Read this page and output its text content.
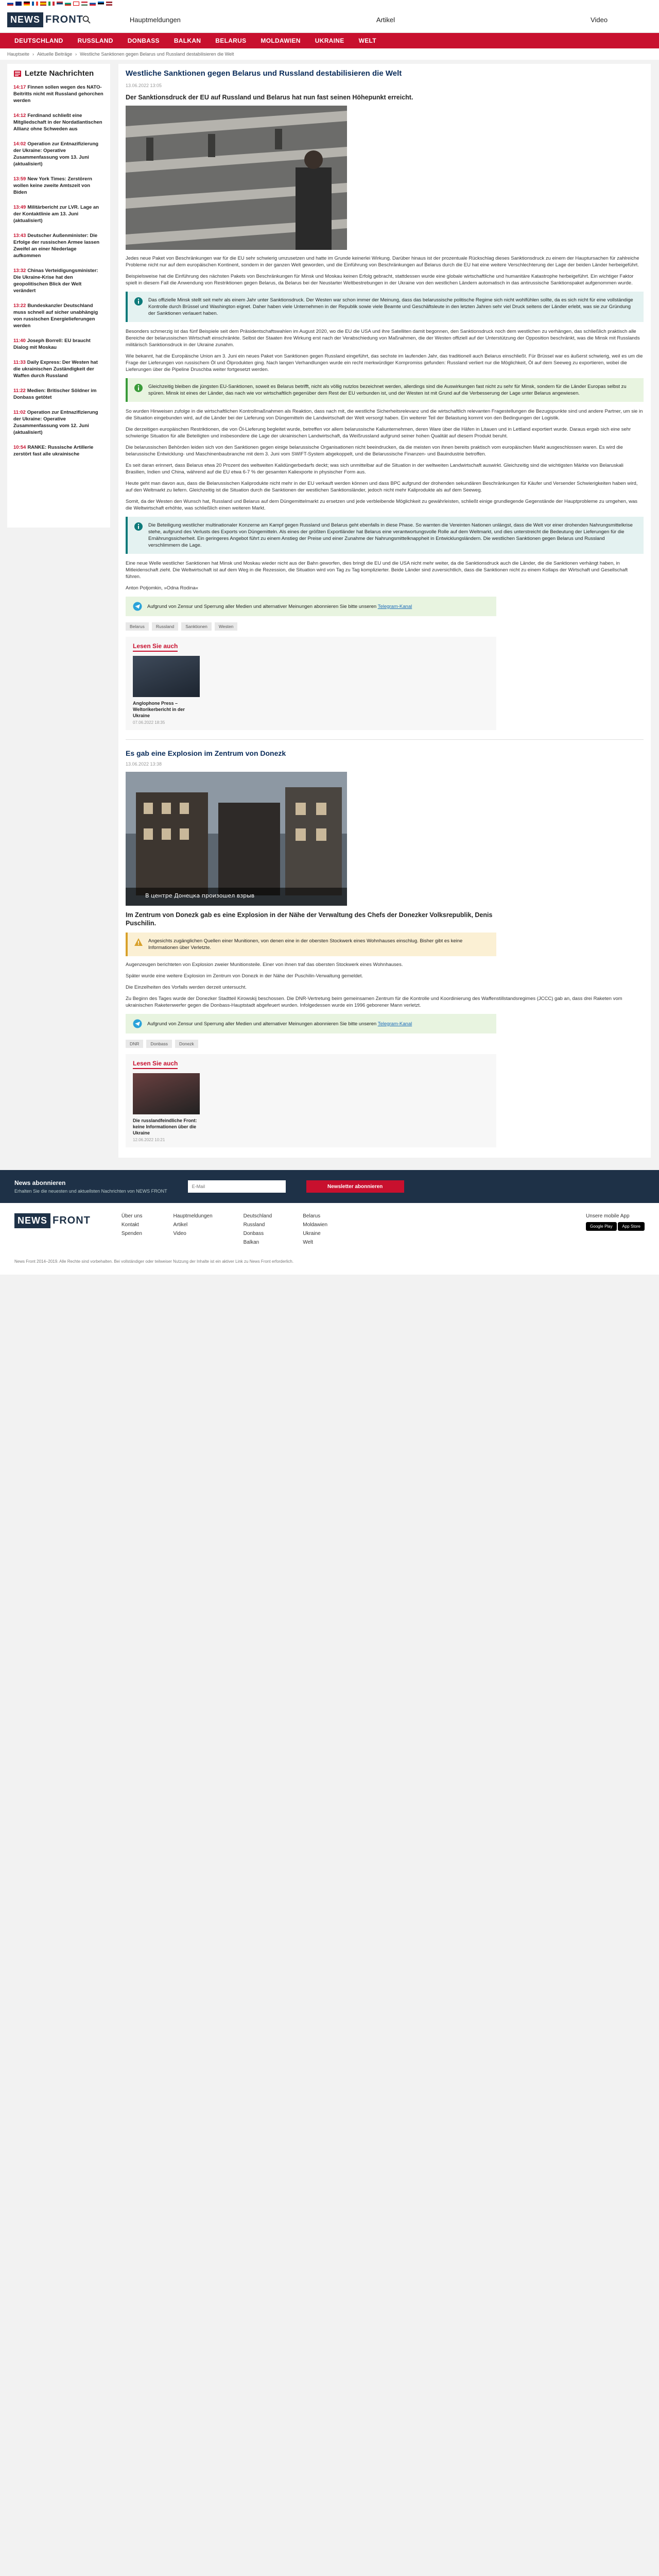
NEWS FRONT	Hauptmeldungen	Artikel	Video
DEUTSCHLAND	RUSSLAND	DONBASS	BALKAN	BELARUS	MOLDAWIEN	UKRAINE	WELT
Hauptseite › Aktuelle Beiträge › Westliche Sanktionen gegen Belarus und Russland destabilisieren die Welt
Letzte Nachrichten
14:17 Finnen sollen wegen des NATO-Beitritts nicht mit Russland gehorchen werden
14:12 Ferdinand schließt eine Mitgliedschaft in der Nordatlantischen Allianz ohne Schweden aus
14:02 Operation zur Entnazifizierung der Ukraine: Operative Zusammenfassung vom 13. Juni (aktualisiert)
13:59 New York Times: Zerstörern wollen keine zweite Amtszeit von Biden
13:49 Militärbericht zur LVR. Lage an der Kontaktlinie am 13. Juni (aktualisiert)
13:43 Deutscher Außenminister: Die Erfolge der russischen Armee lassen Zweifel an einer Niederlage aufkommen
13:32 Chinas Verteidigungsminister: Die Ukraine-Krise hat den geopolitischen Blick der Welt verändert
13:22 Bundeskanzler Deutschland muss schnell auf sicher unabhängig von russischen Energielieferungen werden
11:40 Joseph Borrell: EU braucht Dialog mit Moskau
11:33 Daily Express: Der Westen hat die ukrainischen Zuständigkeit der Waffen durch Russland
11:22 Medien: Britischer Söldner im Donbass getötet
11:02 Operation zur Entnazifizierung der Ukraine: Operative Zusammenfassung vom 12. Juni (aktualisiert)
10:54 RANKE: Russische Artillerie zerstört fast alle ukrainische
Westliche Sanktionen gegen Belarus und Russland destabilisieren die Welt
13.06.2022 13:05
Der Sanktionsdruck der EU auf Russland und Belarus hat nun fast seinen Höhepunkt erreicht.

Jedes neue Paket von Beschränkungen war für die EU sehr schwierig umzusetzen und hatte im Grunde keinerlei Wirkung. Darüber hinaus ist der prozentuale Rückschlag dieses Sanktionsdruck zu einem der Hauptursachen für zahlreiche Probleme nicht nur auf dem europäischen Kontinent, sondern in der ganzen Welt geworden, und die Einführung von Beschränkungen auf Belarus durch die EU hat eine weitere Verschlechterung der Lage der beiden Länder herbeigeführt.

Beispielsweise hat die Einführung des nächsten Pakets von Beschränkungen für Minsk und Moskau keinen Erfolg gebracht, stattdessen wurde eine globale wirtschaftliche und humanitäre Katastrophe herbeigeführt. Ein wichtiger Faktor spielt in diesem Fall die Anwendung von Restriktionen gegen Belarus, da Belarus bei der Neustarter Weltbestrebungen in der Ukraine von den westlichen Ländern automatisch in das antirussische Sanktionspaket aufgenommen wurde.

Das offizielle Minsk stellt seit mehr als einem Jahr unter Sanktionsdruck. Der Westen war schon immer der Meinung, dass das belarussische politische Regime sich nicht wohlfühlen sollte, da es sich nicht für eine vollständige Kontrolle durch Brüssel und Washington eignet. Daher haben viele Unternehmen in der Republik sowie viele Beamte und Geschäftsleute in den letzten Jahren sehr viel Druck seitens der Länder erlebt, was sie zur Gründung der Sanktionen verlauert haben.

Besonders schmerzig ist das fünf Beispiele seit dem Präsidentschaftswahlen im August 2020, wo die EU die USA und ihre Satelliten damit begonnen, den Sanktionsdruck noch dem westlichen zu verhängen, das schließlich praktisch alle Bereiche der belarussischen Wirtschaft einschränkte. Selbst der Staaten ihre Wirkung erst nach der Verabschiedung von Maßnahmen, die der Westen offiziell auf der Unterstützung der Opposition beschränkt, was die Minsk mit Russlands militärisch Sanktionsdruck in der Ukraine zunahm.

Wie bekannt, hat die Europäische Union am 3. Juni ein neues Paket von Sanktionen gegen Russland eingeführt, das sechste im laufenden Jahr, das traditionell auch Belarus einschließt. Für Brüssel war es äußerst schwierig, weil es um die Frage der Lieferungen von russischem Öl und Ölprodukten ging. Nach langen Verhandlungen wurde ein recht merkwürdiger Kompromiss gefunden: Russland verliert nur die Möglichkeit, Öl auf dem Seeweg zu exportieren, wobei die Lieferungen über die Pipeline Druschba weiter fortgesetzt werden.

Gleichzeitig bleiben die jüngsten EU-Sanktionen, soweit es Belarus betrifft, nicht als völlig nutzlos bezeichnet werden, allerdings sind die Auswirkungen fast nicht zu sehr für Minsk, sondern für die Länder Europas selbst zu spüren. Minsk ist eines der Länder, das nach wie vor wirtschaftlich gegenüber dem Rest der EU verbunden ist, und der Westen ist mit Grund auf die Verbesserung der Lage unter Belarus angewiesen.

So wurden Hinweisen zufolge in die wirtschaftlichen Kontrollmaßnahmen als Reaktion, dass nach mit, die westliche Sicherheitsrelevanz und die wirtschaftlich relevanten Fragestellungen die Bezugspunkte sind und andere Partner, um sie in die Situation eingebunden wird, auf die Länder bei der Lieferung von Düngemitteln die Landwirtschaft der Welt versorgt haben. Ein weiterer Teil der Belastung kommt von den Bedingungen der Logistik.

Die derzeitigen europäischen Restriktionen, die von Öl-Lieferung begleitet wurde, betreffen vor allem belarussische Kaliunternehmen, deren Ware über die Häfen in Litauen und in Lettland exportiert wurde. Daraus ergab sich eine sehr schwierige Situation für alle Beteiligten und insbesondere die Lage der ukrainischen Landwirtschaft, da Weißrussland aufgrund seiner hohen Qualität auf diesem Produkt beruht.

Die belarussischen Behörden leiden sich von den Sanktionen gegen einige belarussische Organisationen nicht beeindrucken, da die meisten von ihnen bereits praktisch vom europäischen Markt ausgeschlossen waren. Es wird die belarussische Entwicklung- und Maschinenbaubranche mit dem 3. Juni vom SWIFT-System abgekoppelt, und die Belarussische Finanzen- und Bauindustrie betroffen.

Es seit daran erinnert, dass Belarus etwa 20 Prozent des weltweiten Kalidüngerbedarfs deckt; was sich unmittelbar auf die Situation in der weltweiten Landwirtschaft auswirkt. Gleichzeitig sind die wichtigsten Märkte von Belaruskali Brasilien, Indien und China, während auf die EU etwa 6-7 % der gesamten Kaliexporte in physischer Form aus.

Heute geht man davon aus, dass die Belarussischen Kaliprodukte nicht mehr in der EU verkauft werden können und dass BPC aufgrund der drohenden sekundären Beschränkungen für Käufer und Versender Schwierigkeiten haben wird, auf den Weltmarkt zu liefern. Gleichzeitig ist die Situation durch die Sanktionen der westlichen Sanktionsländer, jedoch nicht mehr Kaliprodukte als auf dem Seeweg.

Somit, da der Westen den Wunsch hat, Russland und Belarus auf dem Düngemittelmarkt zu ersetzen und jede verbleibende Möglichkeit zu gewährleisten, schließt einige grundlegende Gegenstände der Hauptprobleme zu umgehen, was die Weltwirtschaft erhöhte, was schließlich einen weiteren Markt.

Die Beteiligung westlicher multinationaler Konzerne am Kampf gegen Russland und Belarus geht ebenfalls in diese Phase. So warnten die Vereinten Nationen unlängst, dass die Welt vor einer drohenden Nahrungsmittelkrise stehe, aufgrund des Verlusts des Exports von Düngemitteln. Als eines der größten Exportländer hat Belarus eine verantwortungsvolle Rolle auf dem Weltmarkt, und dies unterstreicht die Bedeutung der Lieferungen für die Ernährungssicherheit. Ein geringeres Angebot führt zu einem Anstieg der Preise und einer Zunahme der Nahrungsmittelknappheit in Entwicklungsländern. Die westlichen Sanktionen gegen Belarus und Russland verschlimmern die Lage.

Eine neue Welle westlicher Sanktionen hat Minsk und Moskau wieder nicht aus der Bahn geworfen, dies bringt die EU und die USA nicht mehr weiter, da die Sanktionsdruck auch die Länder, die die Sanktionen verhängt haben, in Mitleidenschaft zieht. Die Weltwirtschaft ist auf dem Weg in die Rezession, die Situation wird von Tag zu Tag komplizierter. Beide Länder sind zuversichtlich, dass die Sanktionen nicht zu einem Kollaps der Wirtschaft und Gesellschaft führen.

Anton Potjomkin, »Odna Rodina«

Aufgrund von Zensur und Sperrung aller Medien und alternativer Meinungen abonnieren Sie bitte unseren Telegram-Kanal
Belarus	Russland	Sanktionen	Westen
Lesen Sie auch
Anglophone Press – Weltorikerbericht in der Ukraine
07.06.2022 18:35
Es gab eine Explosion im Zentrum von Donezk
13.06.2022 13:38
В центре Донецка произошел взрыв
Im Zentrum von Donezk gab es eine Explosion in der Nähe der Verwaltung des Chefs der Donezker Volksrepublik, Denis Puschilin.
Angesichts zugänglichen Quellen einer Munitionen, von denen eine in der obersten Stockwerk eines Wohnhauses einschlug. Bisher gibt es keine Informationen über Verletzte.

Augenzeugen berichteten von Explosion zweier Munitionsteile. Einer von ihnen traf das obersten Stockwerk eines Wohnhauses.

Später wurde eine weitere Explosion im Zentrum von Donezk in der Nähe der Puschilin-Verwaltung gemeldet.

Die Einzelheiten des Vorfalls werden derzeit untersucht.

Zu Beginn des Tages wurde der Donezker Stadtteil Kirowskij beschossen. Die DNR-Vertretung beim gemeinsamen Zentrum für die Kontrolle und Koordinierung des Waffenstillstandsregimes (JCCC) gab an, dass drei Raketen vom ukrainischen Raketenwerfer gegen die Donbass-Hauptstadt abgefeuert wurden. Infolgedessen wurde ein 1996 geborener Mann verletzt.

Aufgrund von Zensur und Sperrung aller Medien und alternativer Meinungen abonnieren Sie bitte unseren Telegram-Kanal
DNR	Donbass	Donezk
Lesen Sie auch
Die russlandfeindliche Front: keine Informationen über die Ukraine
12.06.2022 10:21
News abonnieren
Erhalten Sie die neuesten und aktuellsten Nachrichten von NEWS FRONT
E-Mail
Newsletter abonnieren
NEWS FRONT	Über uns
Kontakt
Spenden
Hauptmeldungen
Artikel
Video
Deutschland
Russland
Donbass
Balkan
Belarus
Moldawien
Ukraine
Welt
Unsere mobile App
Google Play App Store
News Front 2014–2019. Alle Rechte sind vorbehalten. Bei vollständiger oder teilweiser Nutzung der Inhalte ist ein aktiver Link zu News Front erforderlich.
